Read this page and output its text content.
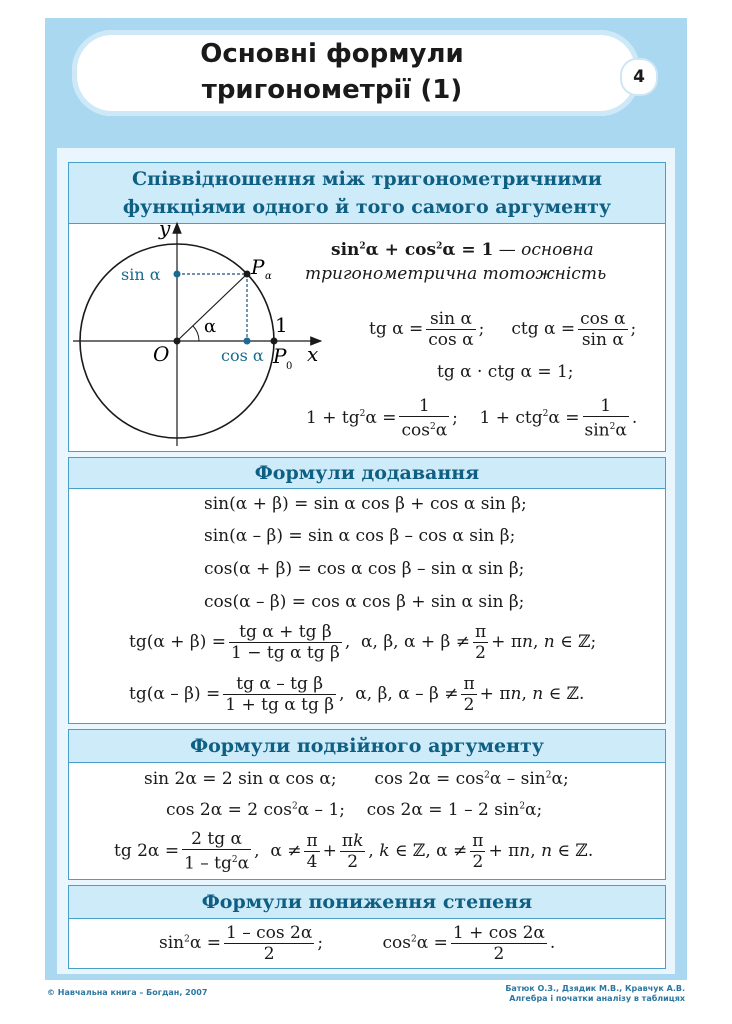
Основні формули
тригонометрії (1)	4
Співвідношення між тригонометричними
функціями одного й того самого аргументу
y
sin α	P α
α	1
O	cos α P 0
x
$\sin^2\alpha + \cos^2\alpha = 1$ — основна
тригонометрична тотожність
tg $\alpha = \frac{\text{sin α}}{\text{cos α}}$ ;     ctg $\alpha = \frac{\text{cos α}}{\text{sin α}}$ ;
tg α · ctg α = 1;
$1 + tg^2\alpha = \frac{1}{\cos^2\alpha}$ ;    $1 + ctg^2\alpha = \frac{1}{\sin^2\alpha}$ .
Формули додавання
sin(α + β) = sin α cos β + cos α sin β;
sin(α – β) = sin α cos β – cos α sin β;
cos(α + β) = cos α cos β – sin α sin β;
cos(α – β) = cos α cos β + sin α sin β;
$tg(\alpha + \beta) = \frac{\text{tg α + tg β}}{\text{1 − tg α tg β}}$ ,  α, β, $\alpha + \beta \ne \frac{\pi}{2} + \pi n$, n ∈ ℤ;
$tg(\alpha - \beta) = \frac{\text{tg α – tg β}}{\text{1 + tg α tg β}}$ ,  α, β, $\alpha - \beta \ne \frac{\pi}{2} + \pi n$, n ∈ ℤ.
Формули подвійного аргументу
sin 2α = 2 sin α cos α;       $\cos 2\alpha = \cos^2\alpha - \sin^2\alpha$;
cos 2α = 2 $\cos^2\alpha - 1$;    cos 2α = 1 – 2 $\sin^2\alpha$;
tg $2\alpha = \frac{\text{2 tg α}}{1 - tg^2\alpha}$ ,  $\alpha \ne \frac{\pi}{4} + \frac{\pi k}{2}$ , k ∈ ℤ, $\alpha \ne \frac{\pi}{2} + \pi n$, n ∈ ℤ.
Формули пониження степеня
$\sin^2\alpha = \frac{1 - \cos 2\alpha}{2}$ ;           $\cos^2\alpha = \frac{1 + \cos 2\alpha}{2}$ .
© Навчальна книга – Богдан, 2007	Батюк О.З., Дзядик М.В., Кравчук А.В.
Алгебра і початки аналізу в таблицях
